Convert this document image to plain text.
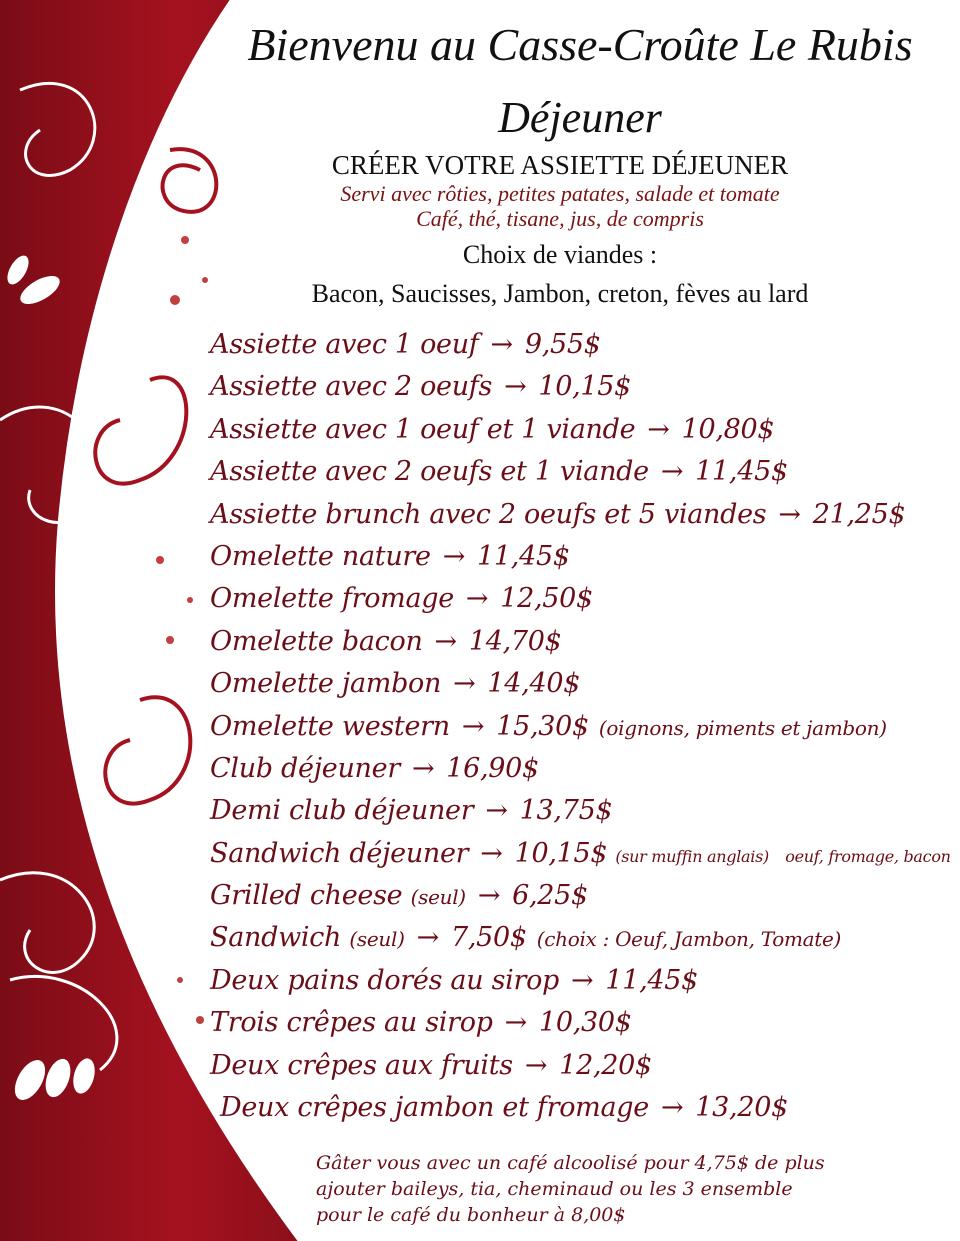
Bienvenu au Casse-Croûte Le Rubis
Déjeuner
CRÉER VOTRE ASSIETTE DÉJEUNER
Servi avec rôties, petites patates, salade et tomate
Café, thé, tisane, jus, de compris
Choix de viandes :
Bacon, Saucisses, Jambon, creton, fèves au lard
Assiette avec 1 oeuf → 9,55$
Assiette avec 2 oeufs → 10,15$
Assiette avec 1 oeuf et 1 viande → 10,80$
Assiette avec 2 oeufs et 1 viande → 11,45$
Assiette brunch avec 2 oeufs et 5 viandes → 21,25$
Omelette nature → 11,45$
Omelette fromage → 12,50$
Omelette bacon → 14,70$
Omelette jambon → 14,40$
Omelette western → 15,30$ (oignons, piments et jambon)
Club déjeuner → 16,90$
Demi club déjeuner → 13,75$
Sandwich déjeuner → 10,15$ (sur muffin anglais) oeuf, fromage, bacon
Grilled cheese (seul) → 6,25$
Sandwich (seul) → 7,50$ (choix : Oeuf, Jambon, Tomate)
Deux pains dorés au sirop → 11,45$
Trois crêpes au sirop → 10,30$
Deux crêpes aux fruits → 12,20$
Deux crêpes jambon et fromage → 13,20$
Gâter vous avec un café alcoolisé pour 4,75$ de plus
ajouter baileys, tia, cheminaud ou les 3 ensemble
pour le café du bonheur à 8,00$
